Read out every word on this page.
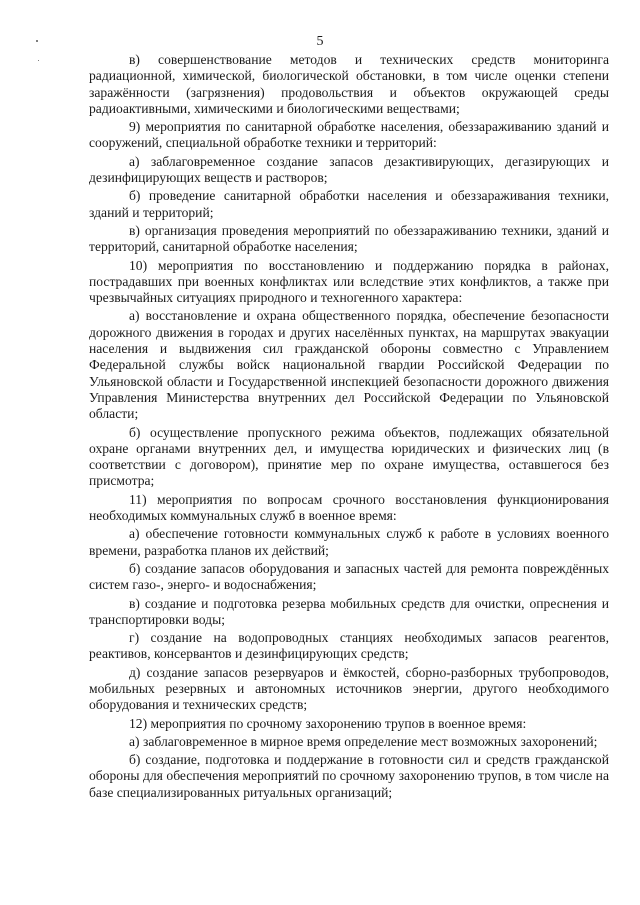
5

в) совершенствование методов и технических средств мониторинга радиационной, химической, биологической обстановки, в том числе оценки степени заражённости (загрязнения) продовольствия и объектов окружающей среды радиоактивными, химическими и биологическими веществами;

9) мероприятия по санитарной обработке населения, обеззараживанию зданий и сооружений, специальной обработке техники и территорий:

а) заблаговременное создание запасов дезактивирующих, дегазирующих и дезинфицирующих веществ и растворов;

б) проведение санитарной обработки населения и обеззараживания техники, зданий и территорий;

в) организация проведения мероприятий по обеззараживанию техники, зданий и территорий, санитарной обработке населения;

10) мероприятия по восстановлению и поддержанию порядка в районах, пострадавших при военных конфликтах или вследствие этих конфликтов, а также при чрезвычайных ситуациях природного и техногенного характера:

а) восстановление и охрана общественного порядка, обеспечение безопасности дорожного движения в городах и других населённых пунктах, на маршрутах эвакуации населения и выдвижения сил гражданской обороны совместно с Управлением Федеральной службы войск национальной гвардии Российской Федерации по Ульяновской области и Государственной инспекцией безопасности дорожного движения Управления Министерства внутренних дел Российской Федерации по Ульяновской области;

б) осуществление пропускного режима объектов, подлежащих обязательной охране органами внутренних дел, и имущества юридических и физических лиц (в соответствии с договором), принятие мер по охране имущества, оставшегося без присмотра;

11) мероприятия по вопросам срочного восстановления функционирования необходимых коммунальных служб в военное время:

а) обеспечение готовности коммунальных служб к работе в условиях военного времени, разработка планов их действий;

б) создание запасов оборудования и запасных частей для ремонта повреждённых систем газо-, энерго- и водоснабжения;

в) создание и подготовка резерва мобильных средств для очистки, опреснения и транспортировки воды;

г) создание на водопроводных станциях необходимых запасов реагентов, реактивов, консервантов и дезинфицирующих средств;

д) создание запасов резервуаров и ёмкостей, сборно-разборных трубопроводов, мобильных резервных и автономных источников энергии, другого необходимого оборудования и технических средств;

12) мероприятия по срочному захоронению трупов в военное время:

а) заблаговременное в мирное время определение мест возможных захоронений;

б) создание, подготовка и поддержание в готовности сил и средств гражданской обороны для обеспечения мероприятий по срочному захоронению трупов, в том числе на базе специализированных ритуальных организаций;
